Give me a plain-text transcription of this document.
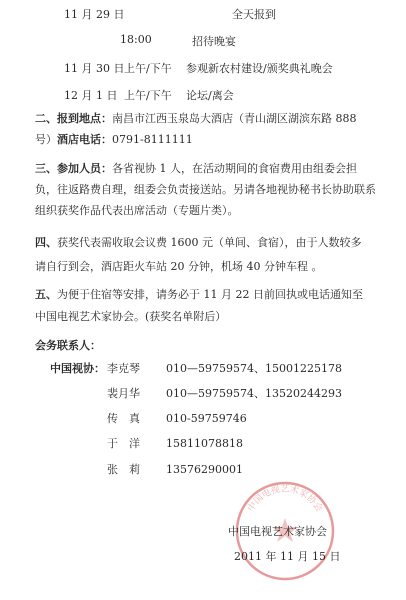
11 月 29 日	全天报到
18:00	招待晚宴
11 月 30 日 上午/下午 参观新农村建设/颁奖典礼晚会
12 月 1 日 上午/下午 论坛/离会
二、报到地点：南昌市江西玉泉岛大酒店（青山湖区湖滨东路 888
号）酒店电话：0791-8111111
三、参加人员：各省视协 1 人，在活动期间的食宿费用由组委会担
负，往返路费自理，组委会负责接送站。另请各地视协秘书长协助联系
组织获奖作品代表出席活动（专题片类）。
四、获奖代表需收取会议费 1600 元（单间、食宿），由于人数较多
请自行到会，酒店距火车站 20 分钟，机场 40 分钟车程 。
五、为便于住宿等安排，请务必于 11 月 22 日前回执或电话通知至
中国电视艺术家协会。(获奖名单附后）
会务联系人：
中国视协： 李克琴 010—59759574、15001225178
裴月华 010—59759574、13520244293
传　真 010-59759746
于　洋 15811078818
张　莉 13576290001
中国电视艺术家协会
中国电视艺术家协会
2011 年 11 月 15 日
